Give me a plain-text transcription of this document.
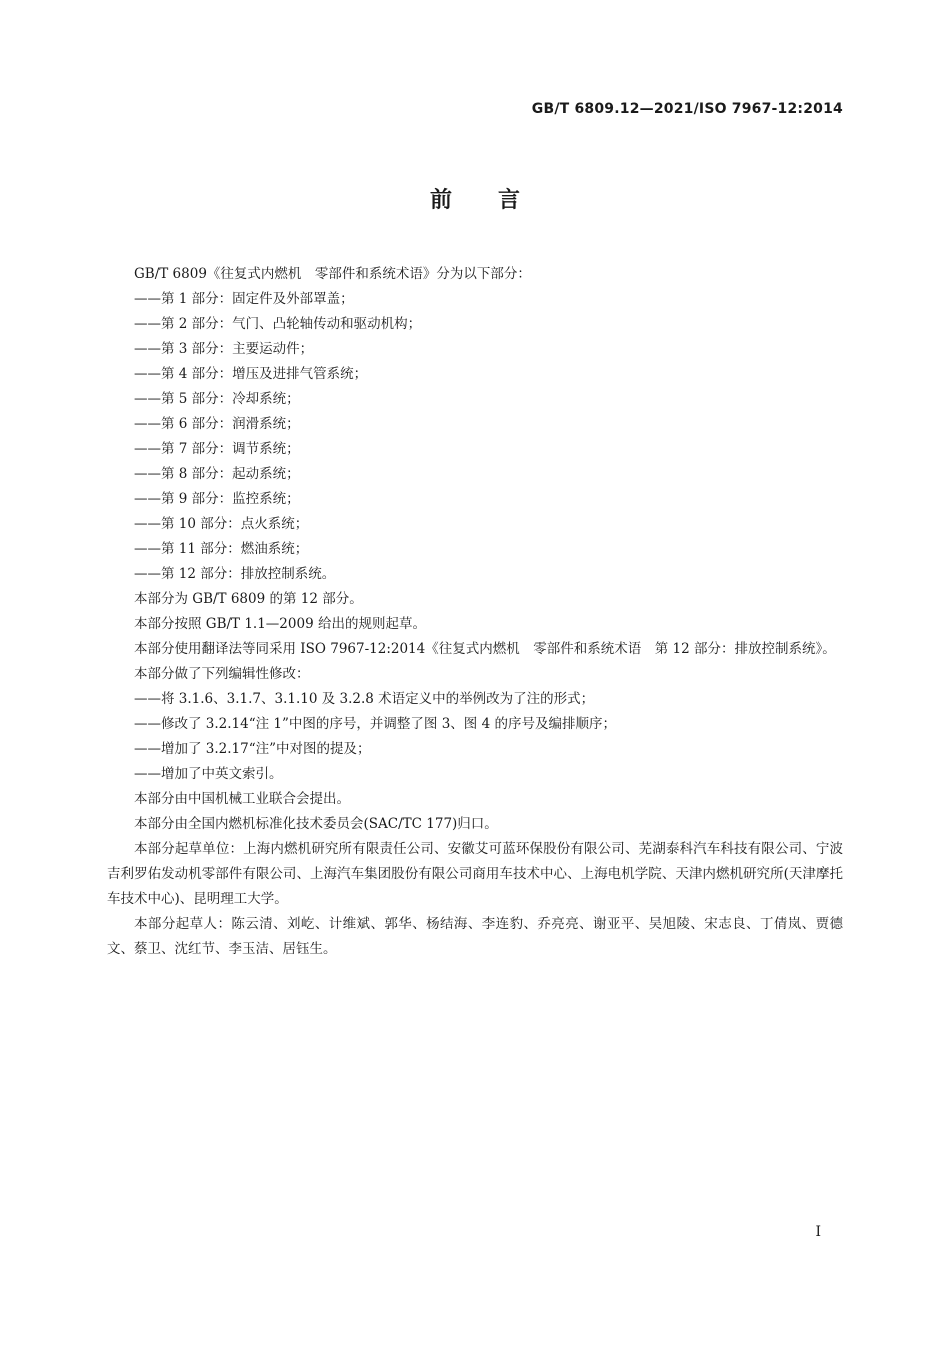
GB/T 6809.12—2021/ISO 7967-12:2014
前言

GB/T 6809《往复式内燃机　零部件和系统术语》分为以下部分：

——第 1 部分：固定件及外部罩盖；

——第 2 部分：气门、凸轮轴传动和驱动机构；

——第 3 部分：主要运动件；

——第 4 部分：增压及进排气管系统；

——第 5 部分：冷却系统；

——第 6 部分：润滑系统；

——第 7 部分：调节系统；

——第 8 部分：起动系统；

——第 9 部分：监控系统；

——第 10 部分：点火系统；

——第 11 部分：燃油系统；

——第 12 部分：排放控制系统。

本部分为 GB/T 6809 的第 12 部分。

本部分按照 GB/T 1.1—2009 给出的规则起草。

本部分使用翻译法等同采用 ISO 7967-12:2014《往复式内燃机　零部件和系统术语　第 12 部分：排放控制系统》。

本部分做了下列编辑性修改：

——将 3.1.6、3.1.7、3.1.10 及 3.2.8 术语定义中的举例改为了注的形式；

——修改了 3.2.14“注 1”中图的序号，并调整了图 3、图 4 的序号及编排顺序；

——增加了 3.2.17“注”中对图的提及；

——增加了中英文索引。

本部分由中国机械工业联合会提出。

本部分由全国内燃机标准化技术委员会(SAC/TC 177)归口。

本部分起草单位：上海内燃机研究所有限责任公司、安徽艾可蓝环保股份有限公司、芜湖泰科汽车科技有限公司、宁波吉利罗佑发动机零部件有限公司、上海汽车集团股份有限公司商用车技术中心、上海电机学院、天津内燃机研究所(天津摩托车技术中心)、昆明理工大学。

本部分起草人：陈云清、刘屹、计维斌、郭华、杨结海、李连豹、乔亮亮、谢亚平、吴旭陵、宋志良、丁倩岚、贾德文、蔡卫、沈红节、李玉洁、居钰生。

I
